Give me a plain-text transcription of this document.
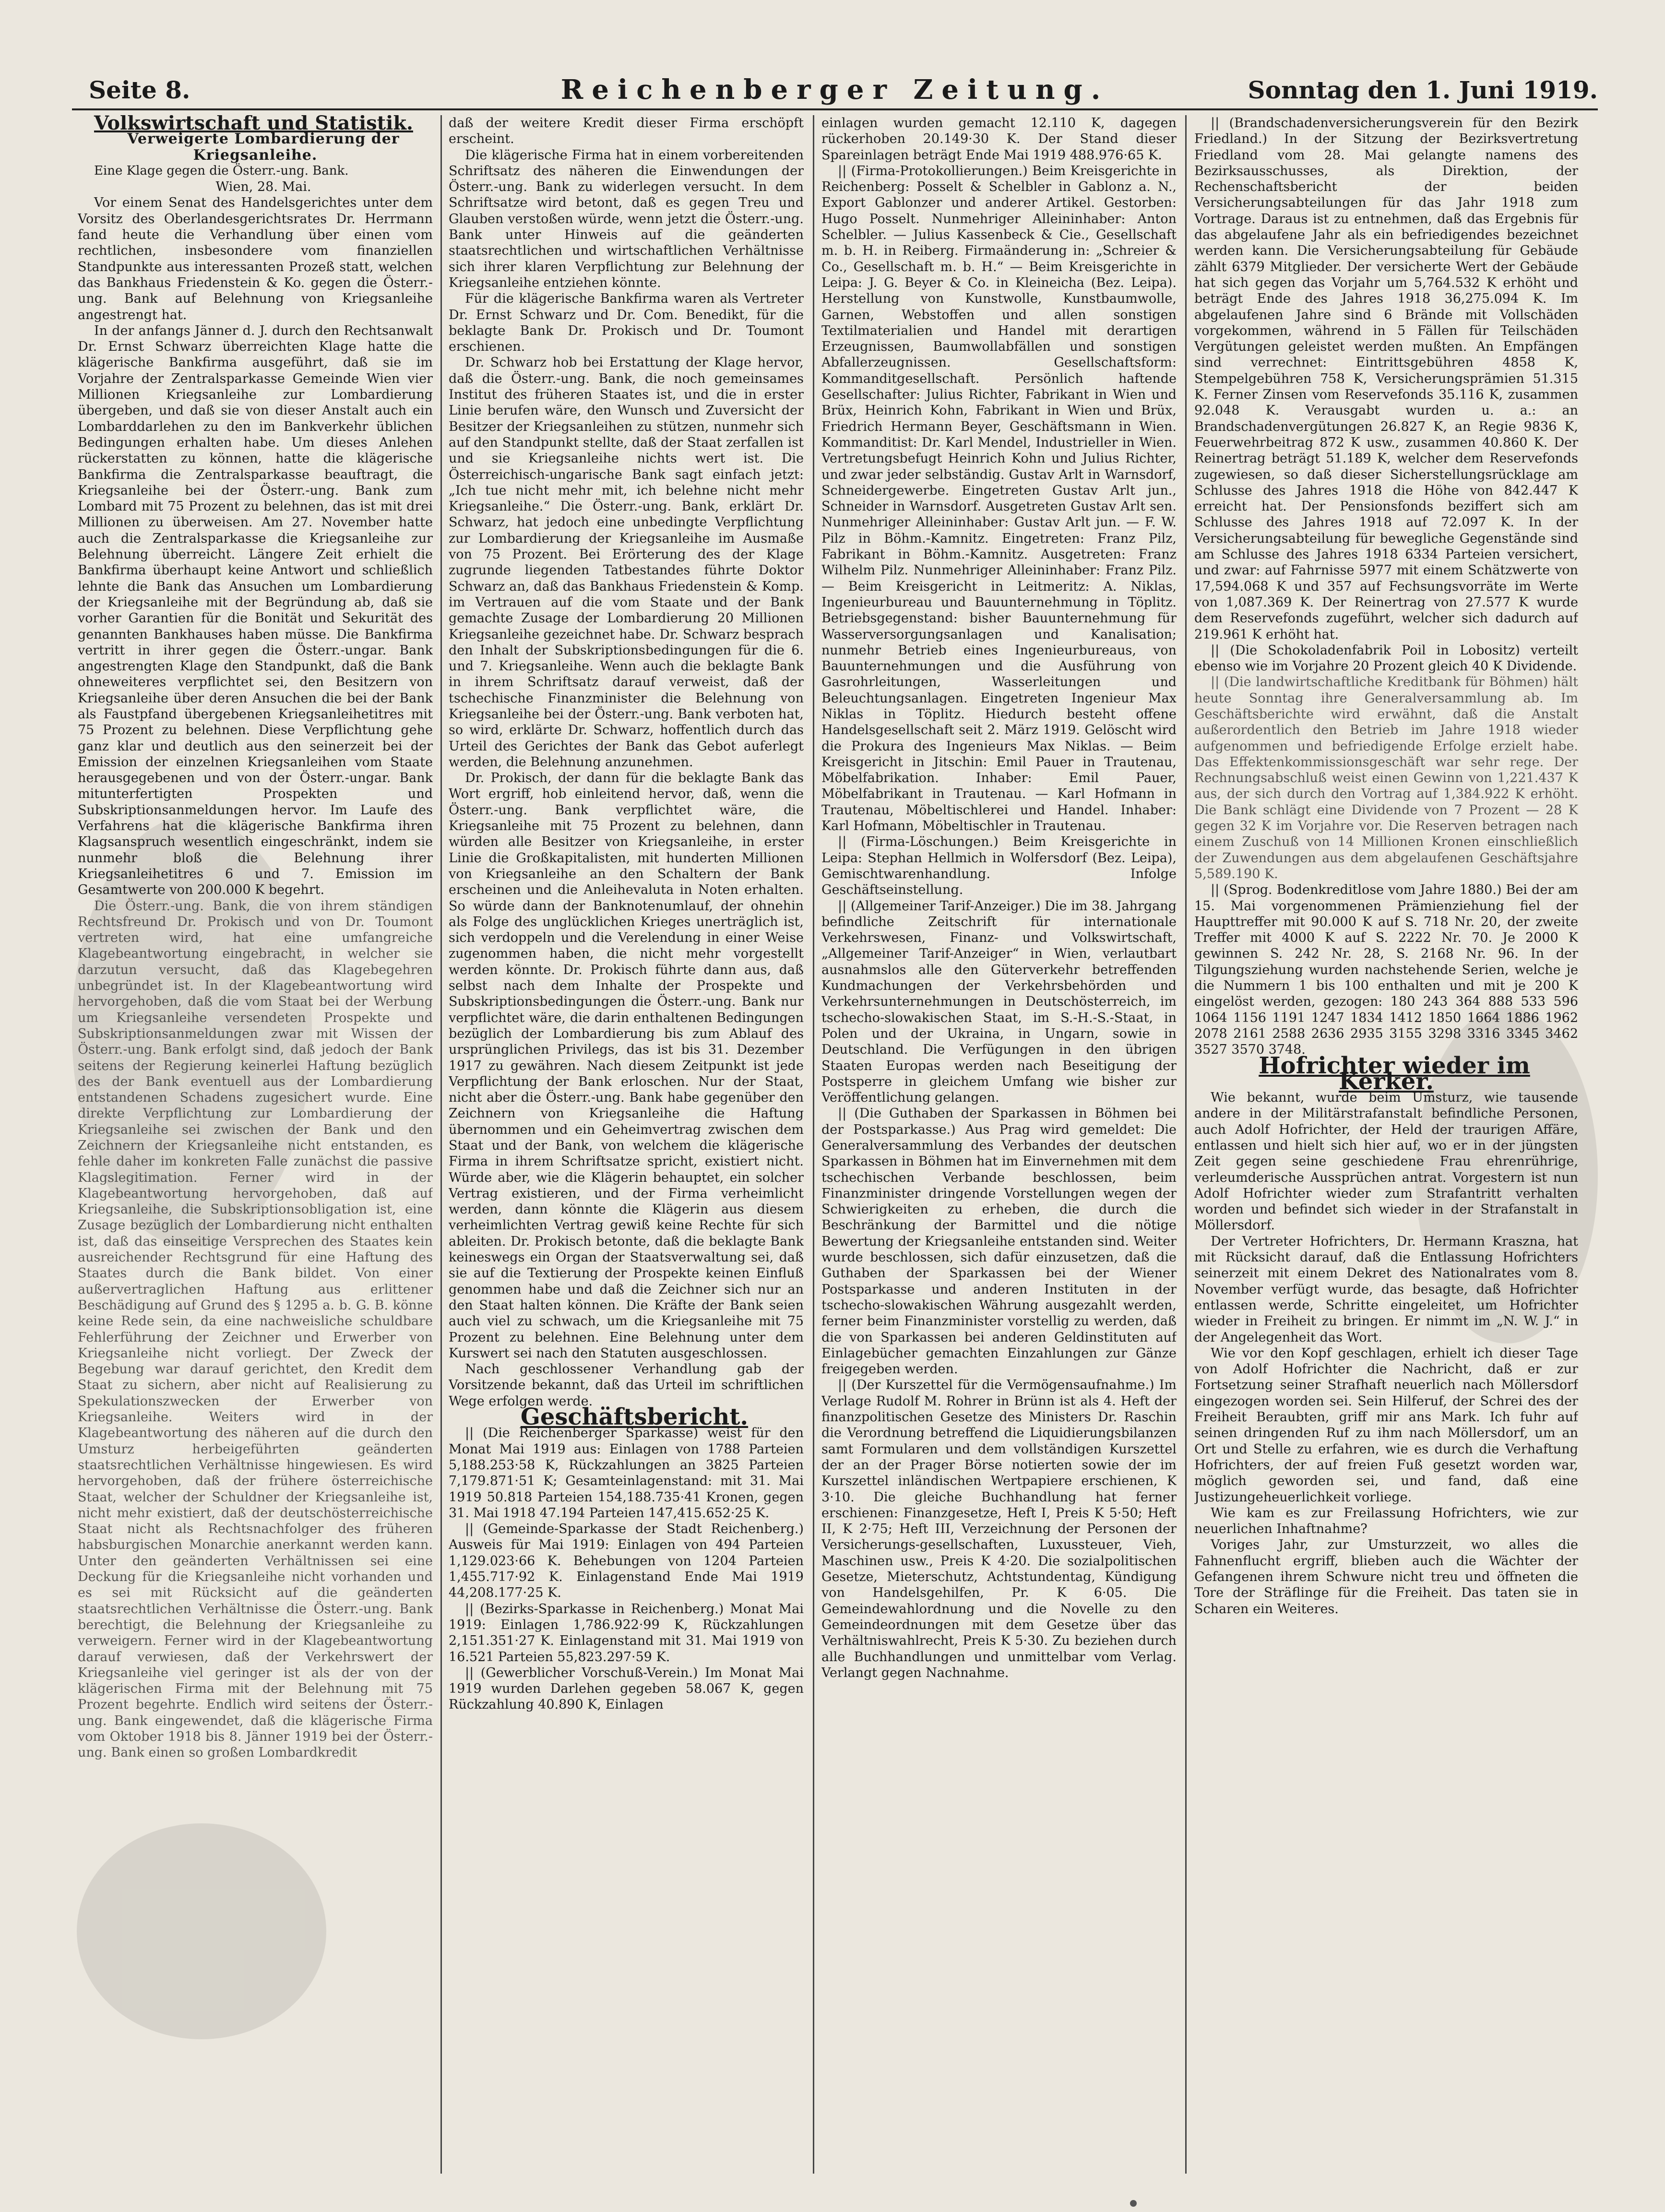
Seite 8.	Reichenberger Zeitung.	Sonntag den 1. Juni 1919.

Volkswirtschaft und Statistik.

Verweigerte Lombardierung der Kriegsanleihe.

Eine Klage gegen die Österr.-ung. Bank.

Wien, 28. Mai.

Vor einem Senat des Handelsgerichtes unter dem Vorsitz des Oberlandesgerichtsrates Dr. Herrmann fand heute die Verhandlung über einen vom rechtlichen, insbesondere vom finanziellen Standpunkte aus interessanten Prozeß statt, welchen das Bankhaus Friedenstein & Ko. gegen die Österr.-ung. Bank auf Belehnung von Kriegsanleihe angestrengt hat.

In der anfangs Jänner d. J. durch den Rechtsanwalt Dr. Ernst Schwarz überreichten Klage hatte die klägerische Bankfirma ausgeführt, daß sie im Vorjahre der Zentralsparkasse Gemeinde Wien vier Millionen Kriegsanleihe zur Lombardierung übergeben, und daß sie von dieser Anstalt auch ein Lombarddarlehen zu den im Bankverkehr üblichen Bedingungen erhalten habe. Um dieses Anlehen rückerstatten zu können, hatte die klägerische Bankfirma die Zentralsparkasse beauftragt, die Kriegsanleihe bei der Österr.-ung. Bank zum Lombard mit 75 Prozent zu belehnen, das ist mit drei Millionen zu überweisen. Am 27. November hatte auch die Zentralsparkasse die Kriegsanleihe zur Belehnung überreicht. Längere Zeit erhielt die Bankfirma überhaupt keine Antwort und schließlich lehnte die Bank das Ansuchen um Lombardierung der Kriegsanleihe mit der Begründung ab, daß sie vorher Garantien für die Bonität und Sekurität des genannten Bankhauses haben müsse. Die Bankfirma vertritt in ihrer gegen die Österr.-ungar. Bank angestrengten Klage den Standpunkt, daß die Bank ohneweiteres verpflichtet sei, den Besitzern von Kriegsanleihe über deren Ansuchen die bei der Bank als Faustpfand übergebenen Kriegsanleihetitres mit 75 Prozent zu belehnen. Diese Verpflichtung gehe ganz klar und deutlich aus den seinerzeit bei der Emission der einzelnen Kriegsanleihen vom Staate herausgegebenen und von der Österr.-ungar. Bank mitunterfertigten Prospekten und Subskriptionsanmeldungen hervor. Im Laufe des Verfahrens hat die klägerische Bankfirma ihren Klagsanspruch wesentlich eingeschränkt, indem sie nunmehr bloß die Belehnung ihrer Kriegsanleihetitres 6 und 7. Emission im Gesamtwerte von 200.000 K begehrt.

Die Österr.-ung. Bank, die von ihrem ständigen Rechtsfreund Dr. Prokisch und von Dr. Toumont vertreten wird, hat eine umfangreiche Klagebeantwortung eingebracht, in welcher sie darzutun versucht, daß das Klagebegehren unbegründet ist. In der Klagebeantwortung wird hervorgehoben, daß die vom Staat bei der Werbung um Kriegsanleihe versendeten Prospekte und Subskriptionsanmeldungen zwar mit Wissen der Österr.-ung. Bank erfolgt sind, daß jedoch der Bank seitens der Regierung keinerlei Haftung bezüglich des der Bank eventuell aus der Lombardierung entstandenen Schadens zugesichert wurde. Eine direkte Verpflichtung zur Lombardierung der Kriegsanleihe sei zwischen der Bank und den Zeichnern der Kriegsanleihe nicht entstanden, es fehle daher im konkreten Falle zunächst die passive Klagslegitimation. Ferner wird in der Klagebeantwortung hervorgehoben, daß auf Kriegsanleihe, die Subskriptionsobligation ist, eine Zusage bezüglich der Lombardierung nicht enthalten ist, daß das einseitige Versprechen des Staates kein ausreichender Rechtsgrund für eine Haftung des Staates durch die Bank bildet. Von einer außervertraglichen Haftung aus erlittener Beschädigung auf Grund des § 1295 a. b. G. B. könne keine Rede sein, da eine nachweisliche schuldbare Fehlerführung der Zeichner und Erwerber von Kriegsanleihe nicht vorliegt. Der Zweck der Begebung war darauf gerichtet, den Kredit dem Staat zu sichern, aber nicht auf Realisierung zu Spekulationszwecken der Erwerber von Kriegsanleihe. Weiters wird in der Klagebeantwortung des näheren auf die durch den Umsturz herbeigeführten geänderten staatsrechtlichen Verhältnisse hingewiesen. Es wird hervorgehoben, daß der frühere österreichische Staat, welcher der Schuldner der Kriegsanleihe ist, nicht mehr existiert, daß der deutschösterreichische Staat nicht als Rechtsnachfolger des früheren habsburgischen Monarchie anerkannt werden kann. Unter den geänderten Verhältnissen sei eine Deckung für die Kriegsanleihe nicht vorhanden und es sei mit Rücksicht auf die geänderten staatsrechtlichen Verhältnisse die Österr.-ung. Bank berechtigt, die Belehnung der Kriegsanleihe zu verweigern. Ferner wird in der Klagebeantwortung darauf verwiesen, daß der Verkehrswert der Kriegsanleihe viel geringer ist als der von der klägerischen Firma mit der Belehnung mit 75 Prozent begehrte. Endlich wird seitens der Österr.-ung. Bank eingewendet, daß die klägerische Firma vom Oktober 1918 bis 8. Jänner 1919 bei der Österr.-ung. Bank einen so großen Lombardkredit

daß der weitere Kredit dieser Firma erschöpft erscheint.

Die klägerische Firma hat in einem vorbereitenden Schriftsatz des näheren die Einwendungen der Österr.-ung. Bank zu widerlegen versucht. In dem Schriftsatze wird betont, daß es gegen Treu und Glauben verstoßen würde, wenn jetzt die Österr.-ung. Bank unter Hinweis auf die geänderten staatsrechtlichen und wirtschaftlichen Verhältnisse sich ihrer klaren Verpflichtung zur Belehnung der Kriegsanleihe entziehen könnte.

Für die klägerische Bankfirma waren als Vertreter Dr. Ernst Schwarz und Dr. Com. Benedikt, für die beklagte Bank Dr. Prokisch und Dr. Toumont erschienen.

Dr. Schwarz hob bei Erstattung der Klage hervor, daß die Österr.-ung. Bank, die noch gemeinsames Institut des früheren Staates ist, und die in erster Linie berufen wäre, den Wunsch und Zuversicht der Besitzer der Kriegsanleihen zu stützen, nunmehr sich auf den Standpunkt stellte, daß der Staat zerfallen ist und sie Kriegsanleihe nichts wert ist. Die Österreichisch-ungarische Bank sagt einfach jetzt: „Ich tue nicht mehr mit, ich belehne nicht mehr Kriegsanleihe.“ Die Österr.-ung. Bank, erklärt Dr. Schwarz, hat jedoch eine unbedingte Verpflichtung zur Lombardierung der Kriegsanleihe im Ausmaße von 75 Prozent. Bei Erörterung des der Klage zugrunde liegenden Tatbestandes führte Doktor Schwarz an, daß das Bankhaus Friedenstein & Komp. im Vertrauen auf die vom Staate und der Bank gemachte Zusage der Lombardierung 20 Millionen Kriegsanleihe gezeichnet habe. Dr. Schwarz besprach den Inhalt der Subskriptionsbedingungen für die 6. und 7. Kriegsanleihe. Wenn auch die beklagte Bank in ihrem Schriftsatz darauf verweist, daß der tschechische Finanzminister die Belehnung von Kriegsanleihe bei der Österr.-ung. Bank verboten hat, so wird, erklärte Dr. Schwarz, hoffentlich durch das Urteil des Gerichtes der Bank das Gebot auferlegt werden, die Belehnung anzunehmen.

Dr. Prokisch, der dann für die beklagte Bank das Wort ergriff, hob einleitend hervor, daß, wenn die Österr.-ung. Bank verpflichtet wäre, die Kriegsanleihe mit 75 Prozent zu belehnen, dann würden alle Besitzer von Kriegsanleihe, in erster Linie die Großkapitalisten, mit hunderten Millionen von Kriegsanleihe an den Schaltern der Bank erscheinen und die Anleihevaluta in Noten erhalten. So würde dann der Banknotenumlauf, der ohnehin als Folge des unglücklichen Krieges unerträglich ist, sich verdoppeln und die Verelendung in einer Weise zugenommen haben, die nicht mehr vorgestellt werden könnte. Dr. Prokisch führte dann aus, daß selbst nach dem Inhalte der Prospekte und Subskriptionsbedingungen die Österr.-ung. Bank nur verpflichtet wäre, die darin enthaltenen Bedingungen bezüglich der Lombardierung bis zum Ablauf des ursprünglichen Privilegs, das ist bis 31. Dezember 1917 zu gewähren. Nach diesem Zeitpunkt ist jede Verpflichtung der Bank erloschen. Nur der Staat, nicht aber die Österr.-ung. Bank habe gegenüber den Zeichnern von Kriegsanleihe die Haftung übernommen und ein Geheimvertrag zwischen dem Staat und der Bank, von welchem die klägerische Firma in ihrem Schriftsatze spricht, existiert nicht. Würde aber, wie die Klägerin behauptet, ein solcher Vertrag existieren, und der Firma verheimlicht werden, dann könnte die Klägerin aus diesem verheimlichten Vertrag gewiß keine Rechte für sich ableiten. Dr. Prokisch betonte, daß die beklagte Bank keineswegs ein Organ der Staatsverwaltung sei, daß sie auf die Textierung der Prospekte keinen Einfluß genommen habe und daß die Zeichner sich nur an den Staat halten können. Die Kräfte der Bank seien auch viel zu schwach, um die Kriegsanleihe mit 75 Prozent zu belehnen. Eine Belehnung unter dem Kurswert sei nach den Statuten ausgeschlossen.

Nach geschlossener Verhandlung gab der Vorsitzende bekannt, daß das Urteil im schriftlichen Wege erfolgen werde.

Geschäftsbericht.

|| (Die Reichenberger Sparkasse) weist für den Monat Mai 1919 aus: Einlagen von 1788 Parteien 5,188.253·58 K, Rückzahlungen an 3825 Parteien 7,179.871·51 K; Gesamteinlagenstand: mit 31. Mai 1919 50.818 Parteien 154,188.735·41 Kronen, gegen 31. Mai 1918 47.194 Parteien 147,415.652·25 K.

|| (Gemeinde-Sparkasse der Stadt Reichenberg.) Ausweis für Mai 1919: Einlagen von 494 Parteien 1,129.023·66 K. Behebungen von 1204 Parteien 1,455.717·92 K. Einlagenstand Ende Mai 1919 44,208.177·25 K.

|| (Bezirks-Sparkasse in Reichenberg.) Monat Mai 1919: Einlagen 1,786.922·99 K, Rückzahlungen 2,151.351·27 K. Einlagenstand mit 31. Mai 1919 von 16.521 Parteien 55,823.297·59 K.

|| (Gewerblicher Vorschuß-Verein.) Im Monat Mai 1919 wurden Darlehen gegeben 58.067 K, gegen Rückzahlung 40.890 K, Einlagen

einlagen wurden gemacht 12.110 K, dagegen rückerhoben 20.149·30 K. Der Stand dieser Spareinlagen beträgt Ende Mai 1919 488.976·65 K.

|| (Firma-Protokollierungen.) Beim Kreisgerichte in Reichenberg: Posselt & Schelbler in Gablonz a. N., Export Gablonzer und anderer Artikel. Gestorben: Hugo Posselt. Nunmehriger Alleininhaber: Anton Schelbler. — Julius Kassenbeck & Cie., Gesellschaft m. b. H. in Reiberg. Firmaänderung in: „Schreier & Co., Gesellschaft m. b. H.“ — Beim Kreisgerichte in Leipa: J. G. Beyer & Co. in Kleineicha (Bez. Leipa). Herstellung von Kunstwolle, Kunstbaumwolle, Garnen, Webstoffen und allen sonstigen Textilmaterialien und Handel mit derartigen Erzeugnissen, Baumwollabfällen und sonstigen Abfallerzeugnissen. Gesellschaftsform: Kommanditgesellschaft. Persönlich haftende Gesellschafter: Julius Richter, Fabrikant in Wien und Brüx, Heinrich Kohn, Fabrikant in Wien und Brüx, Friedrich Hermann Beyer, Geschäftsmann in Wien. Kommanditist: Dr. Karl Mendel, Industrieller in Wien. Vertretungsbefugt Heinrich Kohn und Julius Richter, und zwar jeder selbständig. Gustav Arlt in Warnsdorf, Schneidergewerbe. Eingetreten Gustav Arlt jun., Schneider in Warnsdorf. Ausgetreten Gustav Arlt sen. Nunmehriger Alleininhaber: Gustav Arlt jun. — F. W. Pilz in Böhm.-Kamnitz. Eingetreten: Franz Pilz, Fabrikant in Böhm.-Kamnitz. Ausgetreten: Franz Wilhelm Pilz. Nunmehriger Alleininhaber: Franz Pilz. — Beim Kreisgericht in Leitmeritz: A. Niklas, Ingenieurbureau und Bauunternehmung in Töplitz. Betriebsgegenstand: bisher Bauunternehmung für Wasserversorgungsanlagen und Kanalisation; nunmehr Betrieb eines Ingenieurbureaus, von Bauunternehmungen und die Ausführung von Gasrohrleitungen, Wasserleitungen und Beleuchtungsanlagen. Eingetreten Ingenieur Max Niklas in Töplitz. Hiedurch besteht offene Handelsgesellschaft seit 2. März 1919. Gelöscht wird die Prokura des Ingenieurs Max Niklas. — Beim Kreisgericht in Jitschin: Emil Pauer in Trautenau, Möbelfabrikation. Inhaber: Emil Pauer, Möbelfabrikant in Trautenau. — Karl Hofmann in Trautenau, Möbeltischlerei und Handel. Inhaber: Karl Hofmann, Möbeltischler in Trautenau.

|| (Firma-Löschungen.) Beim Kreisgerichte in Leipa: Stephan Hellmich in Wolfersdorf (Bez. Leipa), Gemischtwarenhandlung. Infolge Geschäftseinstellung.

|| (Allgemeiner Tarif-Anzeiger.) Die im 38. Jahrgang befindliche Zeitschrift für internationale Verkehrswesen, Finanz- und Volkswirtschaft, „Allgemeiner Tarif-Anzeiger“ in Wien, verlautbart ausnahmslos alle den Güterverkehr betreffenden Kundmachungen der Verkehrsbehörden und Verkehrsunternehmungen in Deutschösterreich, im tschecho-slowakischen Staat, im S.-H.-S.-Staat, in Polen und der Ukraina, in Ungarn, sowie in Deutschland. Die Verfügungen in den übrigen Staaten Europas werden nach Beseitigung der Postsperre in gleichem Umfang wie bisher zur Veröffentlichung gelangen.

|| (Die Guthaben der Sparkassen in Böhmen bei der Postsparkasse.) Aus Prag wird gemeldet: Die Generalversammlung des Verbandes der deutschen Sparkassen in Böhmen hat im Einvernehmen mit dem tschechischen Verbande beschlossen, beim Finanzminister dringende Vorstellungen wegen der Schwierigkeiten zu erheben, die durch die Beschränkung der Barmittel und die nötige Bewertung der Kriegsanleihe entstanden sind. Weiter wurde beschlossen, sich dafür einzusetzen, daß die Guthaben der Sparkassen bei der Wiener Postsparkasse und anderen Instituten in der tschecho-slowakischen Währung ausgezahlt werden, ferner beim Finanzminister vorstellig zu werden, daß die von Sparkassen bei anderen Geldinstituten auf Einlagebücher gemachten Einzahlungen zur Gänze freigegeben werden.

|| (Der Kurszettel für die Vermögensaufnahme.) Im Verlage Rudolf M. Rohrer in Brünn ist als 4. Heft der finanzpolitischen Gesetze des Ministers Dr. Raschin die Verordnung betreffend die Liquidierungsbilanzen samt Formularen und dem vollständigen Kurszettel der an der Prager Börse notierten sowie der im Kurszettel inländischen Wertpapiere erschienen, K 3·10. Die gleiche Buchhandlung hat ferner erschienen: Finanzgesetze, Heft I, Preis K 5·50; Heft II, K 2·75; Heft III, Verzeichnung der Personen der Versicherungs-gesellschaften, Luxussteuer, Vieh, Maschinen usw., Preis K 4·20. Die sozialpolitischen Gesetze, Mieterschutz, Achtstundentag, Kündigung von Handelsgehilfen, Pr. K 6·05. Die Gemeindewahlordnung und die Novelle zu den Gemeindeordnungen mit dem Gesetze über das Verhältniswahlrecht, Preis K 5·30. Zu beziehen durch alle Buchhandlungen und unmittelbar vom Verlag. Verlangt gegen Nachnahme.

|| (Brandschadenversicherungsverein für den Bezirk Friedland.) In der Sitzung der Bezirksvertretung Friedland vom 28. Mai gelangte namens des Bezirksausschusses, als Direktion, der Rechenschaftsbericht der beiden Versicherungsabteilungen für das Jahr 1918 zum Vortrage. Daraus ist zu entnehmen, daß das Ergebnis für das abgelaufene Jahr als ein befriedigendes bezeichnet werden kann. Die Versicherungsabteilung für Gebäude zählt 6379 Mitglieder. Der versicherte Wert der Gebäude hat sich gegen das Vorjahr um 5,764.532 K erhöht und beträgt Ende des Jahres 1918 36,275.094 K. Im abgelaufenen Jahre sind 6 Brände mit Vollschäden vorgekommen, während in 5 Fällen für Teilschäden Vergütungen geleistet werden mußten. An Empfängen sind verrechnet: Eintrittsgebühren 4858 K, Stempelgebühren 758 K, Versicherungsprämien 51.315 K. Ferner Zinsen vom Reservefonds 35.116 K, zusammen 92.048 K. Verausgabt wurden u. a.: an Brandschadenvergütungen 26.827 K, an Regie 9836 K, Feuerwehrbeitrag 872 K usw., zusammen 40.860 K. Der Reinertrag beträgt 51.189 K, welcher dem Reservefonds zugewiesen, so daß dieser Sicherstellungsrücklage am Schlusse des Jahres 1918 die Höhe von 842.447 K erreicht hat. Der Pensionsfonds beziffert sich am Schlusse des Jahres 1918 auf 72.097 K. In der Versicherungsabteilung für bewegliche Gegenstände sind am Schlusse des Jahres 1918 6334 Parteien versichert, und zwar: auf Fahrnisse 5977 mit einem Schätzwerte von 17,594.068 K und 357 auf Fechsungsvorräte im Werte von 1,087.369 K. Der Reinertrag von 27.577 K wurde dem Reservefonds zugeführt, welcher sich dadurch auf 219.961 K erhöht hat.

|| (Die Schokoladenfabrik Poil in Lobositz) verteilt ebenso wie im Vorjahre 20 Prozent gleich 40 K Dividende.

|| (Die landwirtschaftliche Kreditbank für Böhmen) hält heute Sonntag ihre Generalversammlung ab. Im Geschäftsberichte wird erwähnt, daß die Anstalt außerordentlich den Betrieb im Jahre 1918 wieder aufgenommen und befriedigende Erfolge erzielt habe. Das Effektenkommissionsgeschäft war sehr rege. Der Rechnungsabschluß weist einen Gewinn von 1,221.437 K aus, der sich durch den Vortrag auf 1,384.922 K erhöht. Die Bank schlägt eine Dividende von 7 Prozent — 28 K gegen 32 K im Vorjahre vor. Die Reserven betragen nach einem Zuschuß von 14 Millionen Kronen einschließlich der Zuwendungen aus dem abgelaufenen Geschäftsjahre 5,589.190 K.

|| (Sprog. Bodenkreditlose vom Jahre 1880.) Bei der am 15. Mai vorgenommenen Prämienziehung fiel der Haupttreffer mit 90.000 K auf S. 718 Nr. 20, der zweite Treffer mit 4000 K auf S. 2222 Nr. 70. Je 2000 K gewinnen S. 242 Nr. 28, S. 2168 Nr. 96. In der Tilgungsziehung wurden nachstehende Serien, welche je die Nummern 1 bis 100 enthalten und mit je 200 K eingelöst werden, gezogen: 180 243 364 888 533 596 1064 1156 1191 1247 1834 1412 1850 1664 1886 1962 2078 2161 2588 2636 2935 3155 3298 3316 3345 3462 3527 3570 3748.

Hofrichter wieder im Kerker.

Wie bekannt, wurde beim Umsturz, wie tausende andere in der Militärstrafanstalt befindliche Personen, auch Adolf Hofrichter, der Held der traurigen Affäre, entlassen und hielt sich hier auf, wo er in der jüngsten Zeit gegen seine geschiedene Frau ehrenrührige, verleumderische Aussprüchen antrat. Vorgestern ist nun Adolf Hofrichter wieder zum Strafantritt verhalten worden und befindet sich wieder in der Strafanstalt in Möllersdorf.

Der Vertreter Hofrichters, Dr. Hermann Kraszna, hat mit Rücksicht darauf, daß die Entlassung Hofrichters seinerzeit mit einem Dekret des Nationalrates vom 8. November verfügt wurde, das besagte, daß Hofrichter entlassen werde, Schritte eingeleitet, um Hofrichter wieder in Freiheit zu bringen. Er nimmt im „N. W. J.“ in der Angelegenheit das Wort.

Wie vor den Kopf geschlagen, erhielt ich dieser Tage von Adolf Hofrichter die Nachricht, daß er zur Fortsetzung seiner Strafhaft neuerlich nach Möllersdorf eingezogen worden sei. Sein Hilferuf, der Schrei des der Freiheit Beraubten, griff mir ans Mark. Ich fuhr auf seinen dringenden Ruf zu ihm nach Möllersdorf, um an Ort und Stelle zu erfahren, wie es durch die Verhaftung Hofrichters, der auf freien Fuß gesetzt worden war, möglich geworden sei, und fand, daß eine Justizungeheuerlichkeit vorliege.

Wie kam es zur Freilassung Hofrichters, wie zur neuerlichen Inhaftnahme?

Voriges Jahr, zur Umsturzzeit, wo alles die Fahnenflucht ergriff, blieben auch die Wächter der Gefangenen ihrem Schwure nicht treu und öffneten die Tore der Sträflinge für die Freiheit. Das taten sie in Scharen ein Weiteres.
